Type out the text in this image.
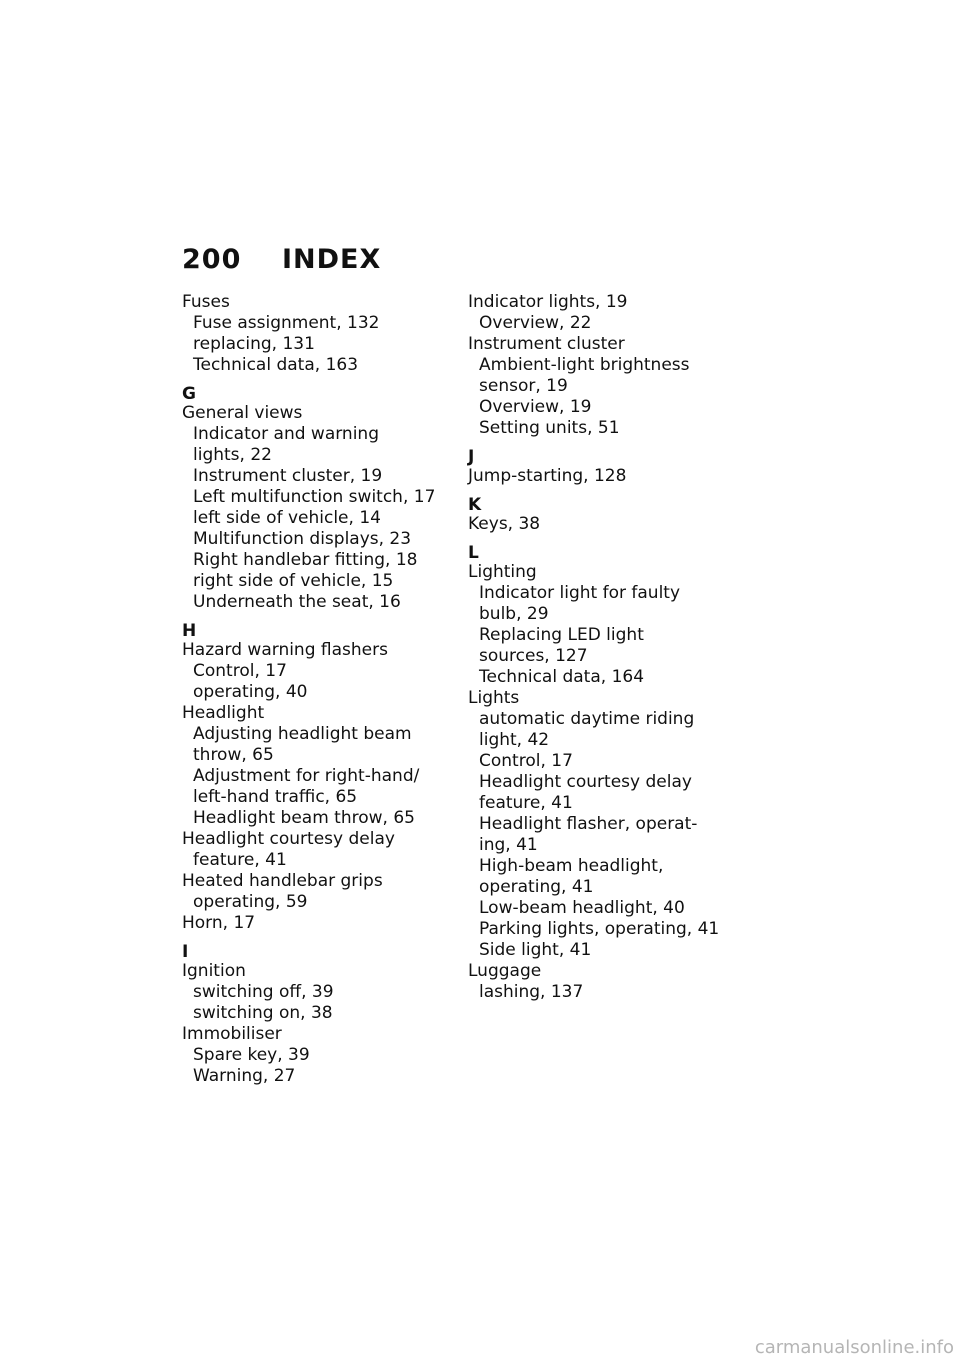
200 INDEX
Fuses
Fuse assignment, 132
replacing, 131
Technical data, 163
G
General views
Indicator and warning
lights, 22
Instrument cluster, 19
Left multifunction switch, 17
left side of vehicle, 14
Multifunction displays, 23
Right handlebar fitting, 18
right side of vehicle, 15
Underneath the seat, 16
H
Hazard warning flashers
Control, 17
operating, 40
Headlight
Adjusting headlight beam
throw, 65
Adjustment for right-hand/
left-hand traffic, 65
Headlight beam throw, 65
Headlight courtesy delay
feature, 41
Heated handlebar grips
operating, 59
Horn, 17
I
Ignition
switching off, 39
switching on, 38
Immobiliser
Spare key, 39
Warning, 27
Indicator lights, 19
Overview, 22
Instrument cluster
Ambient-light brightness
sensor, 19
Overview, 19
Setting units, 51
J
Jump-starting, 128
K
Keys, 38
L
Lighting
Indicator light for faulty
bulb, 29
Replacing LED light
sources, 127
Technical data, 164
Lights
automatic daytime riding
light, 42
Control, 17
Headlight courtesy delay
feature, 41
Headlight flasher, operat-
ing, 41
High-beam headlight,
operating, 41
Low-beam headlight, 40
Parking lights, operating, 41
Side light, 41
Luggage
lashing, 137
carmanualsonline.info
